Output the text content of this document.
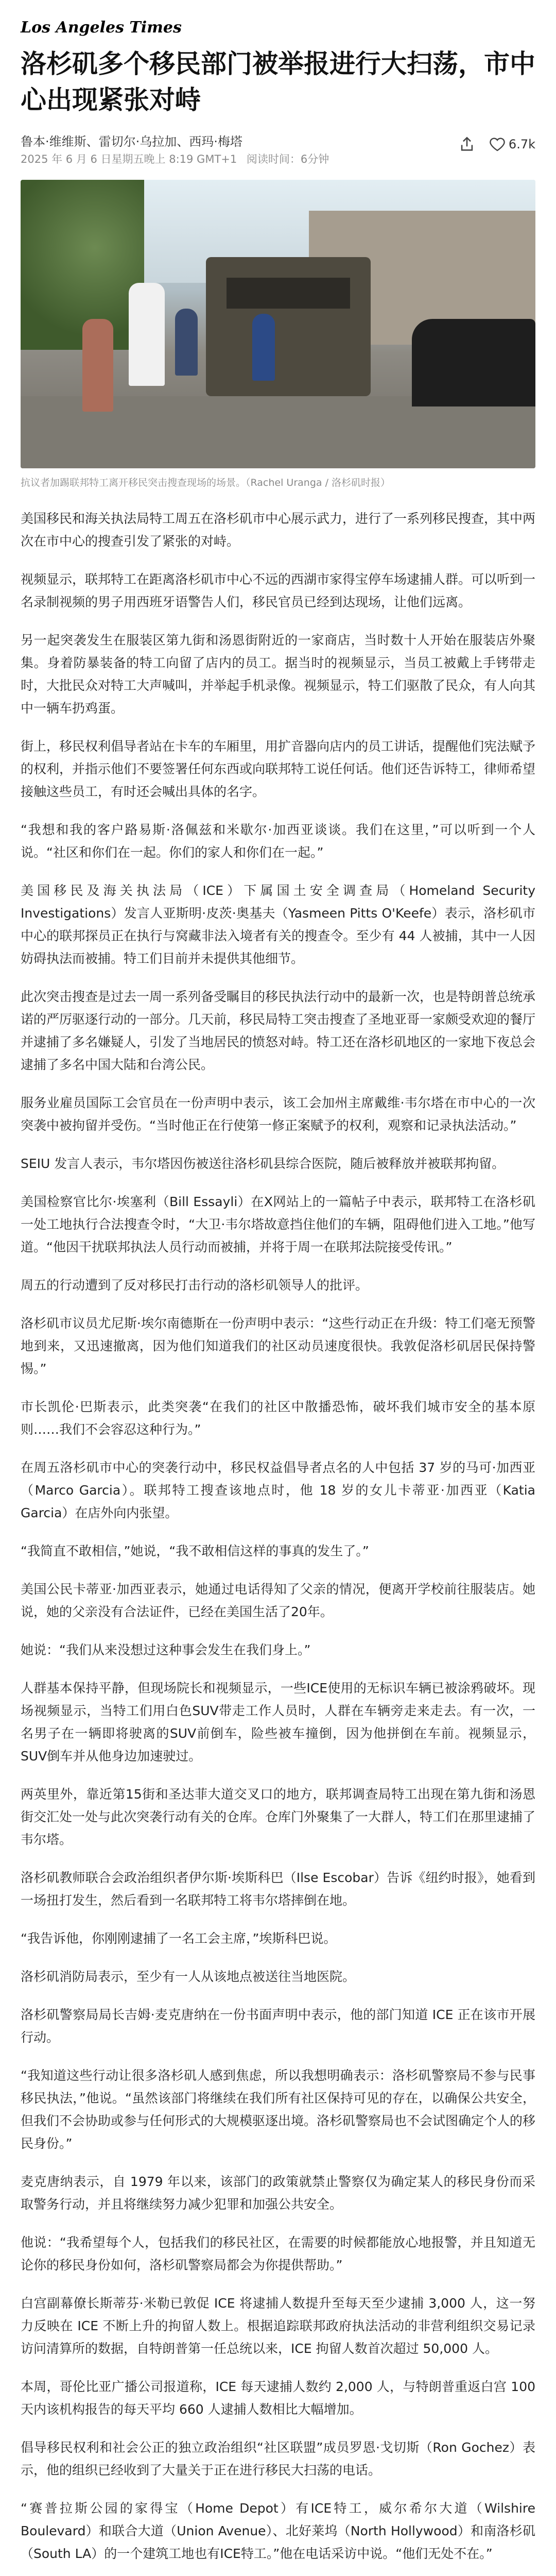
Los Angeles Times
洛杉矶多个移民部门被举报进行大扫荡，市中心出现紧张对峙
鲁本·维维斯、雷切尔·乌拉加、西玛·梅塔
2025 年 6 月 6 日星期五晚上 8:19 GMT+1 阅读时间：6分钟
6.7k
抗议者加踢联邦特工离开移民突击搜查现场的场景。（Rachel Uranga / 洛杉矶时报）

美国移民和海关执法局特工周五在洛杉矶市中心展示武力，进行了一系列移民搜查，其中两次在市中心的搜查引发了紧张的对峙。

视频显示，联邦特工在距离洛杉矶市中心不远的西湖市家得宝停车场逮捕人群。可以听到一名录制视频的男子用西班牙语警告人们，移民官员已经到达现场，让他们远离。

另一起突袭发生在服装区第九街和汤恩街附近的一家商店，当时数十人开始在服装店外聚集。身着防暴装备的特工向留了店内的员工。据当时的视频显示，当员工被戴上手铐带走时，大批民众对特工大声喊叫，并举起手机录像。视频显示，特工们驱散了民众，有人向其中一辆车扔鸡蛋。

街上，移民权利倡导者站在卡车的车厢里，用扩音器向店内的员工讲话，提醒他们宪法赋予的权利，并指示他们不要签署任何东西或向联邦特工说任何话。他们还告诉特工，律师希望接触这些员工，有时还会喊出具体的名字。

“我想和我的客户路易斯·洛佩兹和米歇尔·加西亚谈谈。我们在这里，”可以听到一个人说。“社区和你们在一起。你们的家人和你们在一起。”

美国移民及海关执法局（ICE）下属国土安全调查局（Homeland Security Investigations）发言人亚斯明·皮茨·奥基夫（Yasmeen Pitts O'Keefe）表示，洛杉矶市中心的联邦探员正在执行与窝藏非法入境者有关的搜查令。至少有 44 人被捕，其中一人因妨碍执法而被捕。特工们目前并未提供其他细节。

此次突击搜查是过去一周一系列备受瞩目的移民执法行动中的最新一次，也是特朗普总统承诺的严厉驱逐行动的一部分。几天前，移民局特工突击搜查了圣地亚哥一家颇受欢迎的餐厅并逮捕了多名嫌疑人，引发了当地居民的愤怒对峙。特工还在洛杉矶地区的一家地下夜总会逮捕了多名中国大陆和台湾公民。

服务业雇员国际工会官员在一份声明中表示，该工会加州主席戴维·韦尔塔在市中心的一次突袭中被拘留并受伤。“当时他正在行使第一修正案赋予的权利，观察和记录执法活动。”

SEIU 发言人表示，韦尔塔因伤被送往洛杉矶县综合医院，随后被释放并被联邦拘留。

美国检察官比尔·埃塞利（Bill Essayli）在X网站上的一篇帖子中表示，联邦特工在洛杉矶一处工地执行合法搜查令时，“大卫·韦尔塔故意挡住他们的车辆，阻碍他们进入工地。”他写道。“他因干扰联邦执法人员行动而被捕，并将于周一在联邦法院接受传讯。”

周五的行动遭到了反对移民打击行动的洛杉矶领导人的批评。

洛杉矶市议员尤尼斯·埃尔南德斯在一份声明中表示：“这些行动正在升级：特工们毫无预警地到来，又迅速撤离，因为他们知道我们的社区动员速度很快。我敦促洛杉矶居民保持警惕。”

市长凯伦·巴斯表示，此类突袭“在我们的社区中散播恐怖，破坏我们城市安全的基本原则……我们不会容忍这种行为。”

在周五洛杉矶市中心的突袭行动中，移民权益倡导者点名的人中包括 37 岁的马可·加西亚（Marco Garcia）。联邦特工搜查该地点时，他 18 岁的女儿卡蒂亚·加西亚（Katia Garcia）在店外向内张望。

“我简直不敢相信，”她说，“我不敢相信这样的事真的发生了。”

美国公民卡蒂亚·加西亚表示，她通过电话得知了父亲的情况，便离开学校前往服装店。她说，她的父亲没有合法证件，已经在美国生活了20年。

她说：“我们从来没想过这种事会发生在我们身上。”

人群基本保持平静，但现场院长和视频显示，一些ICE使用的无标识车辆已被涂鸦破坏。现场视频显示，当特工们用白色SUV带走工作人员时，人群在车辆旁走来走去。有一次，一名男子在一辆即将驶离的SUV前倒车，险些被车撞倒，因为他拼倒在车前。视频显示，SUV倒车并从他身边加速驶过。

两英里外，靠近第15街和圣达菲大道交叉口的地方，联邦调查局特工出现在第九街和汤恩街交汇处一处与此次突袭行动有关的仓库。仓库门外聚集了一大群人，特工们在那里逮捕了韦尔塔。

洛杉矶教师联合会政治组织者伊尔斯·埃斯科巴（Ilse Escobar）告诉《纽约时报》，她看到一场扭打发生，然后看到一名联邦特工将韦尔塔摔倒在地。

“我告诉他，你刚刚逮捕了一名工会主席，”埃斯科巴说。

洛杉矶消防局表示，至少有一人从该地点被送往当地医院。

洛杉矶警察局局长吉姆·麦克唐纳在一份书面声明中表示，他的部门知道 ICE 正在该市开展行动。

“我知道这些行动让很多洛杉矶人感到焦虑，所以我想明确表示：洛杉矶警察局不参与民事移民执法，”他说。“虽然该部门将继续在我们所有社区保持可见的存在，以确保公共安全，但我们不会协助或参与任何形式的大规模驱逐出境。洛杉矶警察局也不会试图确定个人的移民身份。”

麦克唐纳表示，自 1979 年以来，该部门的政策就禁止警察仅为确定某人的移民身份而采取警务行动，并且将继续努力减少犯罪和加强公共安全。

他说：“我希望每个人，包括我们的移民社区，在需要的时候都能放心地报警，并且知道无论你的移民身份如何，洛杉矶警察局都会为你提供帮助。”

白宫副幕僚长斯蒂芬·米勒已敦促 ICE 将逮捕人数提升至每天至少逮捕 3,000 人，这一努力反映在 ICE 不断上升的拘留人数上。根据追踪联邦政府执法活动的非营利组织交易记录访问清算所的数据，自特朗普第一任总统以来，ICE 拘留人数首次超过 50,000 人。

本周，哥伦比亚广播公司报道称，ICE 每天逮捕人数约 2,000 人，与特朗普重返白宫 100 天内该机构报告的每天平均 660 人逮捕人数相比大幅增加。

倡导移民权利和社会公正的独立政治组织“社区联盟”成员罗恩·戈切斯（Ron Gochez）表示，他的组织已经收到了大量关于正在进行移民大扫荡的电话。

“赛普拉斯公园的家得宝（Home Depot）有ICE特工，威尔希尔大道（Wilshire Boulevard）和联合大道（Union Avenue）、北好莱坞（North Hollywood）和南洛杉矶（South LA）的一个建筑工地也有ICE特工。”他在电话采访中说。“他们无处不在。”
